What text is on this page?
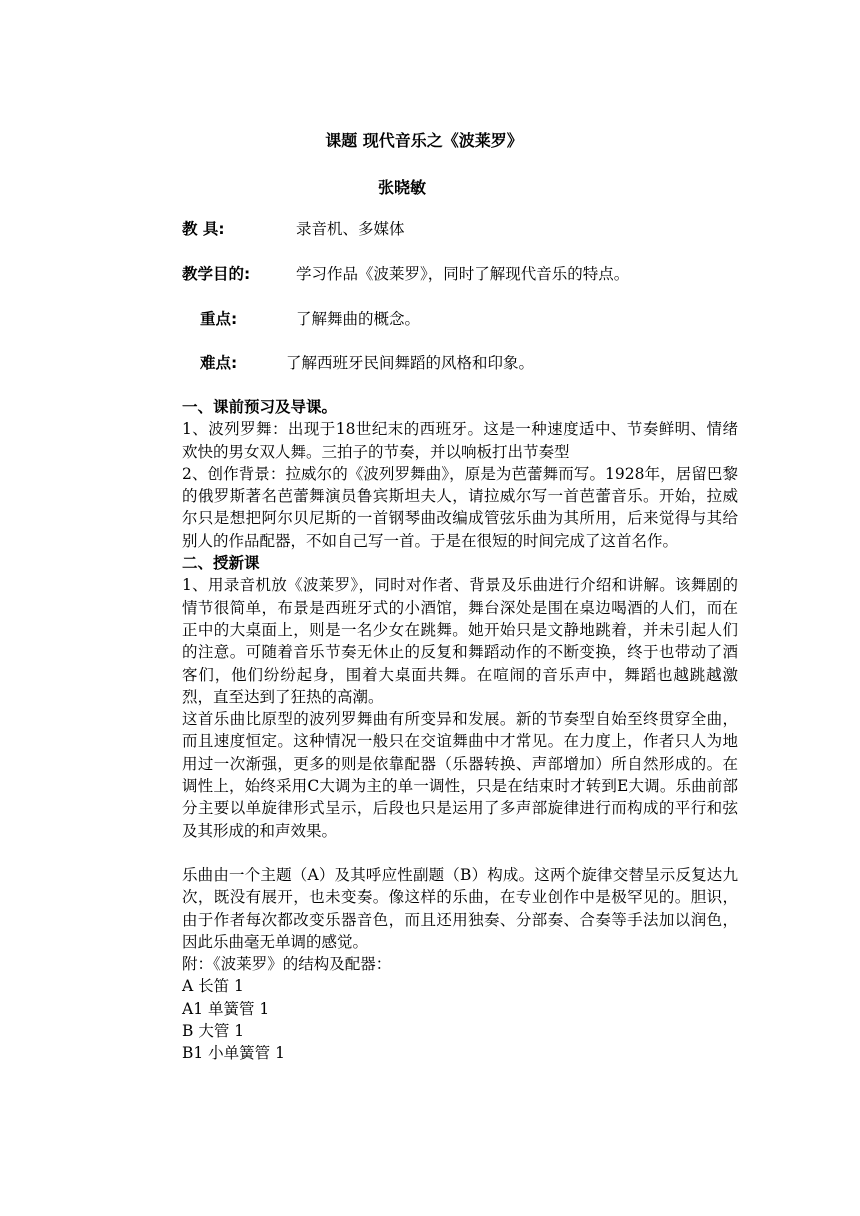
课题 现代音乐之《波莱罗》
张晓敏
教 具:	录音机、多媒体
教学目的:	学习作品《波莱罗》，同时了解现代音乐的特点。
重点:	了解舞曲的概念。
难点:	了解西班牙民间舞蹈的风格和印象。

一、课前预习及导课。

1、波列罗舞：出现于18世纪末的西班牙。这是一种速度适中、节奏鲜明、情绪欢快的男女双人舞。三拍子的节奏，并以响板打出节奏型

2、创作背景：拉威尔的《波列罗舞曲》，原是为芭蕾舞而写。1928年，居留巴黎的俄罗斯著名芭蕾舞演员鲁宾斯坦夫人，请拉威尔写一首芭蕾音乐。开始，拉威尔只是想把阿尔贝尼斯的一首钢琴曲改编成管弦乐曲为其所用，后来觉得与其给别人的作品配器，不如自己写一首。于是在很短的时间完成了这首名作。

二、授新课

1、用录音机放《波莱罗》，同时对作者、背景及乐曲进行介绍和讲解。该舞剧的情节很简单，布景是西班牙式的小酒馆，舞台深处是围在桌边喝酒的人们，而在正中的大桌面上，则是一名少女在跳舞。她开始只是文静地跳着，并未引起人们的注意。可随着音乐节奏无休止的反复和舞蹈动作的不断变换，终于也带动了酒客们，他们纷纷起身，围着大桌面共舞。在喧闹的音乐声中，舞蹈也越跳越激烈，直至达到了狂热的高潮。

这首乐曲比原型的波列罗舞曲有所变异和发展。新的节奏型自始至终贯穿全曲，而且速度恒定。这种情况一般只在交谊舞曲中才常见。在力度上，作者只人为地用过一次渐强，更多的则是依靠配器（乐器转换、声部增加）所自然形成的。在调性上，始终采用C大调为主的单一调性，只是在结束时才转到E大调。乐曲前部分主要以单旋律形式呈示，后段也只是运用了多声部旋律进行而构成的平行和弦及其形成的和声效果。

乐曲由一个主题（A）及其呼应性副题（B）构成。这两个旋律交替呈示反复达九次，既没有展开，也未变奏。像这样的乐曲，在专业创作中是极罕见的。胆识，由于作者每次都改变乐器音色，而且还用独奏、分部奏、合奏等手法加以润色，因此乐曲毫无单调的感觉。

附：《波莱罗》的结构及配器：

A 长笛 1

A1 单簧管 1

B 大管 1

B1 小单簧管 1
